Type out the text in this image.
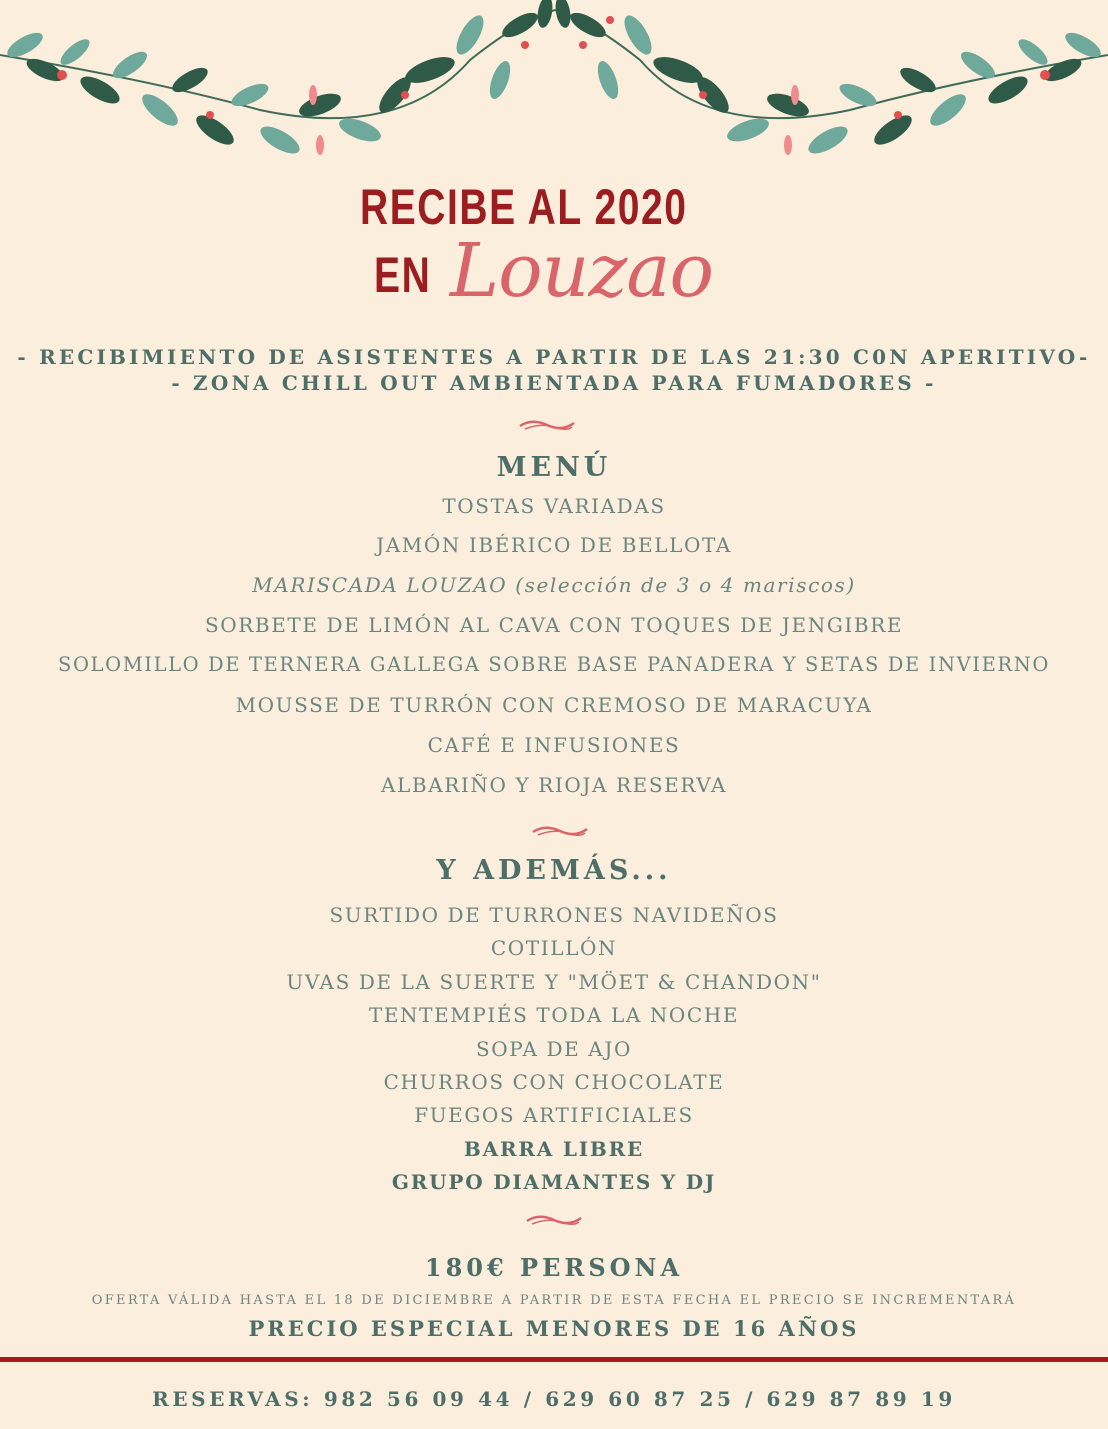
RECIBE AL 2020
EN Louzao
- RECIBIMIENTO DE ASISTENTES A PARTIR DE LAS 21:30 C0N APERITIVO-
- ZONA CHILL OUT AMBIENTADA PARA FUMADORES -
MENÚ
TOSTAS VARIADAS
JAMÓN IBÉRICO DE BELLOTA
MARISCADA LOUZAO (selección de 3 o 4 mariscos)
SORBETE DE LIMÓN AL CAVA CON TOQUES DE JENGIBRE
SOLOMILLO DE TERNERA GALLEGA SOBRE BASE PANADERA Y SETAS DE INVIERNO
MOUSSE DE TURRÓN CON CREMOSO DE MARACUYA
CAFÉ E INFUSIONES
ALBARIÑO Y RIOJA RESERVA
Y ADEMÁS...
SURTIDO DE TURRONES NAVIDEÑOS
COTILLÓN
UVAS DE LA SUERTE Y "MÖET & CHANDON"
TENTEMPIÉS TODA LA NOCHE
SOPA DE AJO
CHURROS CON CHOCOLATE
FUEGOS ARTIFICIALES
BARRA LIBRE
GRUPO DIAMANTES Y DJ
180€ PERSONA
OFERTA VÁLIDA HASTA EL 18 DE DICIEMBRE A PARTIR DE ESTA FECHA EL PRECIO SE INCREMENTARÁ
PRECIO ESPECIAL MENORES DE 16 AÑOS
RESERVAS: 982 56 09 44 / 629 60 87 25 / 629 87 89 19
